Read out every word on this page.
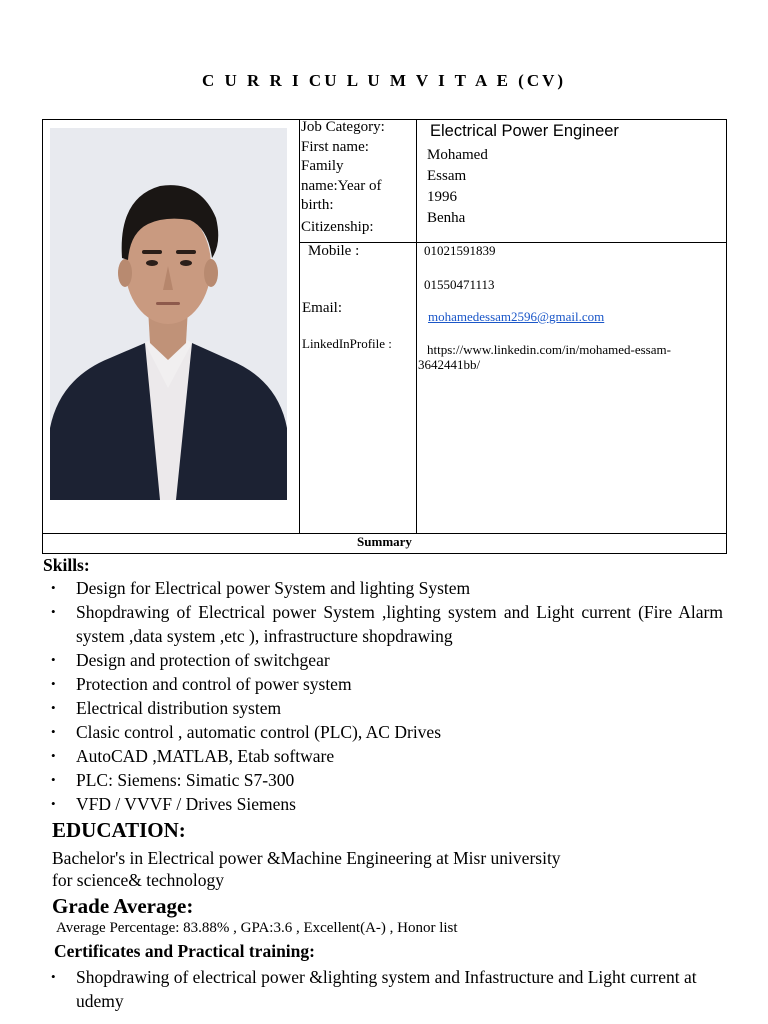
C U R R I CU L U M V I T A E (CV)
Job Category:
First name:
Family
name:Year of
birth:
Citizenship:
Electrical Power Engineer
Mohamed
Essam
1996
Benha
Mobile :	01021591839
01550471113
Email:
mohamedessam2596@gmail.com
LinkedInProfile :	https://www.linkedin.com/in/mohamed-essam-
3642441bb/
Summary
Skills:
• Design for Electrical power System and lighting System
• Shopdrawing of Electrical power System ,lighting system and Light current (Fire Alarm system ,data system ,etc ), infrastructure shopdrawing
• Design and protection of switchgear
• Protection and control of power system
• Electrical distribution system
• Clasic control , automatic control (PLC), AC Drives
• AutoCAD ,MATLAB, Etab software
• PLC: Siemens: Simatic S7-300
• VFD / VVVF / Drives Siemens
EDUCATION:
Bachelor's in Electrical power &Machine Engineering at Misr university
for science& technology
Grade Average:
Average Percentage: 83.88% , GPA:3.6 , Excellent(A-) , Honor list
Certificates and Practical training:
• Shopdrawing of electrical power &lighting system and Infastructure and Light current at udemy
